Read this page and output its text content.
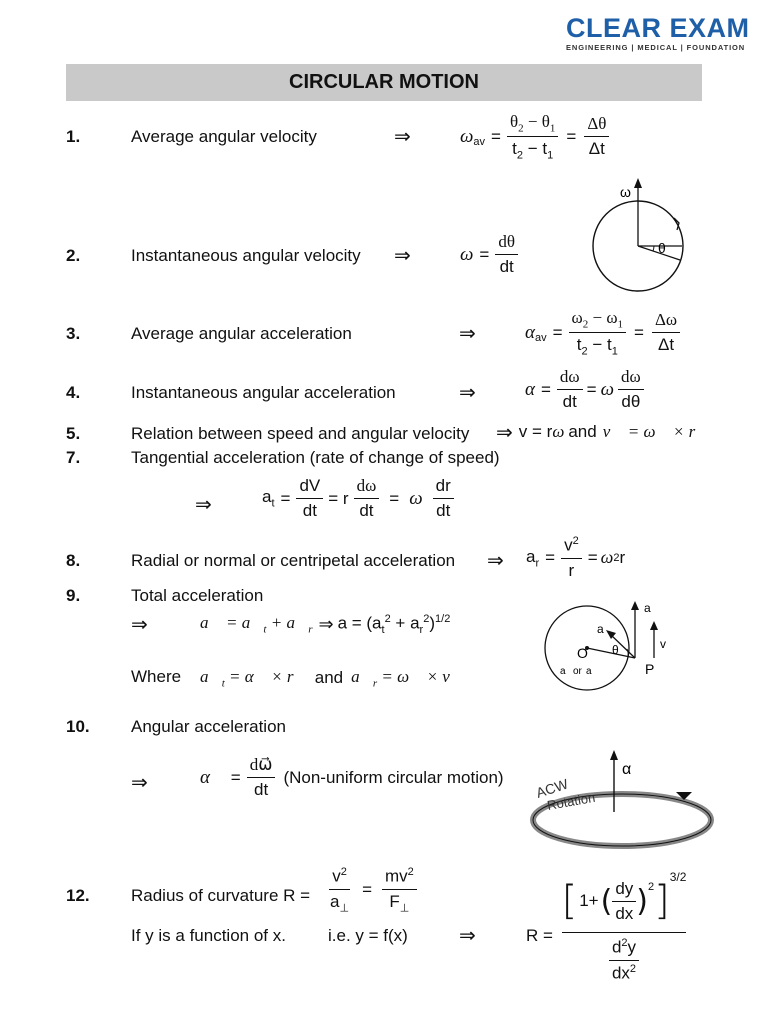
CLEAR EXAM
ENGINEERING | MEDICAL | FOUNDATION
CIRCULAR MOTION
1.	Average angular velocity	⇒	$\omega_{av} = \frac{\theta_2 - \theta_1}{t_2 - t_1} = \frac{\Delta\theta}{\Delta t}$
ω
θ
2.	Instantaneous angular velocity ⇒	$\omega = \frac{d\theta}{dt}$
3.	Average angular acceleration	⇒	$\alpha_{av} = \frac{\omega_2 - \omega_1}{t_2 - t_1} = \frac{\Delta\omega}{\Delta t}$
4.	Instantaneous angular acceleration	⇒	$\alpha = \frac{d\omega}{dt} = \omega \frac{d\omega}{d\theta}$
5.	Relation between speed and angular velocity ⇒ v = r ω and v⃗ = ω⃗ × r⃗
7.	Tangential acceleration (rate of change of speed)
⇒	$a_t = \frac{dV}{dt} = r \frac{d\omega}{dt} = \omega \frac{dr}{dt}$
8.	Radial or normal or centripetal acceleration ⇒ $a_r = \frac{v^2}{r} = \omega$ 2 r
9.	Total acceleration
⇒	a⃗ = $a⃗_t$ + $a⃗_r$ ⇒ $a = (a_t^2 + a_r^2)^{1/2}$
Where $a⃗_t$ = α⃗ × r⃗ and $a⃗_r$ = ω⃗ × v⃗
a
a
v
O
P
θ
a or a
10. Angular acceleration
⇒	α⃗ = $\frac{d\omega⃗}{dt}$ (Non-uniform circular motion)	α
ACW
Rotation
12. Radius of curvature $R = \frac{v^2}{a_\perp} = \frac{mv^2}{F_\perp}$
If y is a function of x. i.e. y = f(x)	⇒	R =
[ 1+ ( $\frac{dy}{dx} )^2$ ]
$^{3/2}$
$\frac{d^2y}{dx^2}$
